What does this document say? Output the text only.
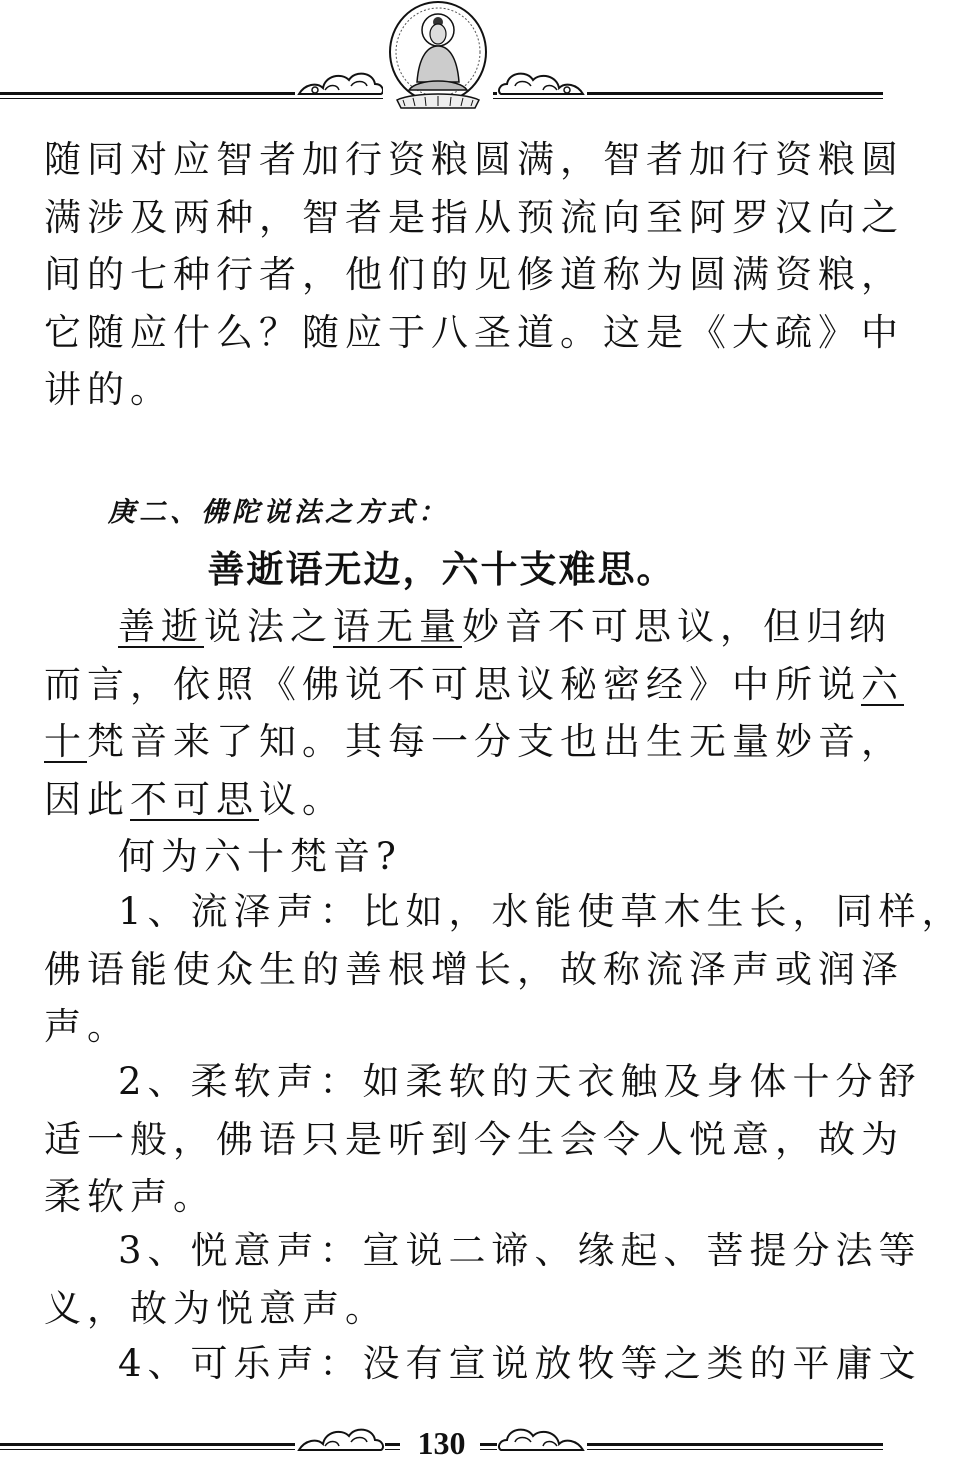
随同对应智者加行资粮圆满，智者加行资粮圆

满涉及两种，智者是指从预流向至阿罗汉向之

间的七种行者，他们的见修道称为圆满资粮，

它随应什么？随应于八圣道。这是《大疏》中

讲的。

庚二、佛陀说法之方式：

善逝语无边，六十支难思。

善逝说法之语无量妙音不可思议，但归纳

而言，依照《佛说不可思议秘密经》中所说六

十梵音来了知。其每一分支也出生无量妙音，

因此不可思议。

何为六十梵音?

1、流泽声：比如，水能使草木生长，同样，

佛语能使众生的善根增长，故称流泽声或润泽

声。

2、柔软声：如柔软的天衣触及身体十分舒

适一般，佛语只是听到今生会令人悦意，故为

柔软声。

3、悦意声：宣说二谛、缘起、菩提分法等

义，故为悦意声。

4、可乐声：没有宣说放牧等之类的平庸文

130
